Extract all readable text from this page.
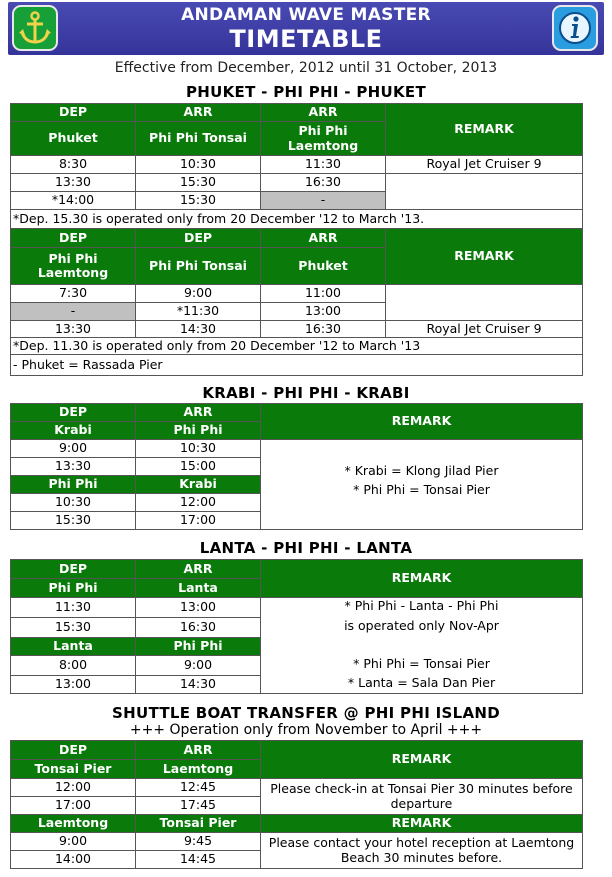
ANDAMAN WAVE MASTER
TIMETABLE
Effective from December, 2012 until 31 October, 2013
PHUKET - PHI PHI - PHUKET
DEP	ARR	ARR
REMARK
Phuket	Phi Phi Tonsai	Phi Phi Laemtong
8:30	10:30	11:30	Royal Jet Cruiser 9
13:30	15:30	16:30
*14:00	15:30	-
*Dep. 15.30 is operated only from 20 December '12 to March '13.
DEP	DEP	ARR
REMARK
Phi Phi Laemtong	Phi Phi Tonsai	Phuket
7:30	9:00	11:00
-	*11:30	13:00
13:30	14:30	16:30	Royal Jet Cruiser 9
*Dep. 11.30 is operated only from 20 December '12 to March '13
- Phuket = Rassada Pier
KRABI - PHI PHI - KRABI
DEP	ARR
REMARK
Krabi	Phi Phi
9:00	10:30
13:30	15:00
Phi Phi	Krabi
10:30	12:00
15:30	17:00
* Krabi = Klong Jilad Pier
* Phi Phi = Tonsai Pier
LANTA - PHI PHI - LANTA
DEP	ARR
REMARK
Phi Phi	Lanta
11:30	13:00
15:30	16:30
Lanta	Phi Phi
8:00	9:00
13:00	14:30
* Phi Phi - Lanta - Phi Phi
is operated only Nov-Apr
* Phi Phi = Tonsai Pier
* Lanta = Sala Dan Pier
SHUTTLE BOAT TRANSFER @ PHI PHI ISLAND
+++ Operation only from November to April +++
DEP	ARR
REMARK
Tonsai Pier	Laemtong
12:00	12:45
17:00	17:45
Please check-in at Tonsai Pier 30 minutes before departure
Laemtong	Tonsai Pier	REMARK
9:00	9:45
14:00	14:45
Please contact your hotel reception at Laemtong Beach 30 minutes before.
